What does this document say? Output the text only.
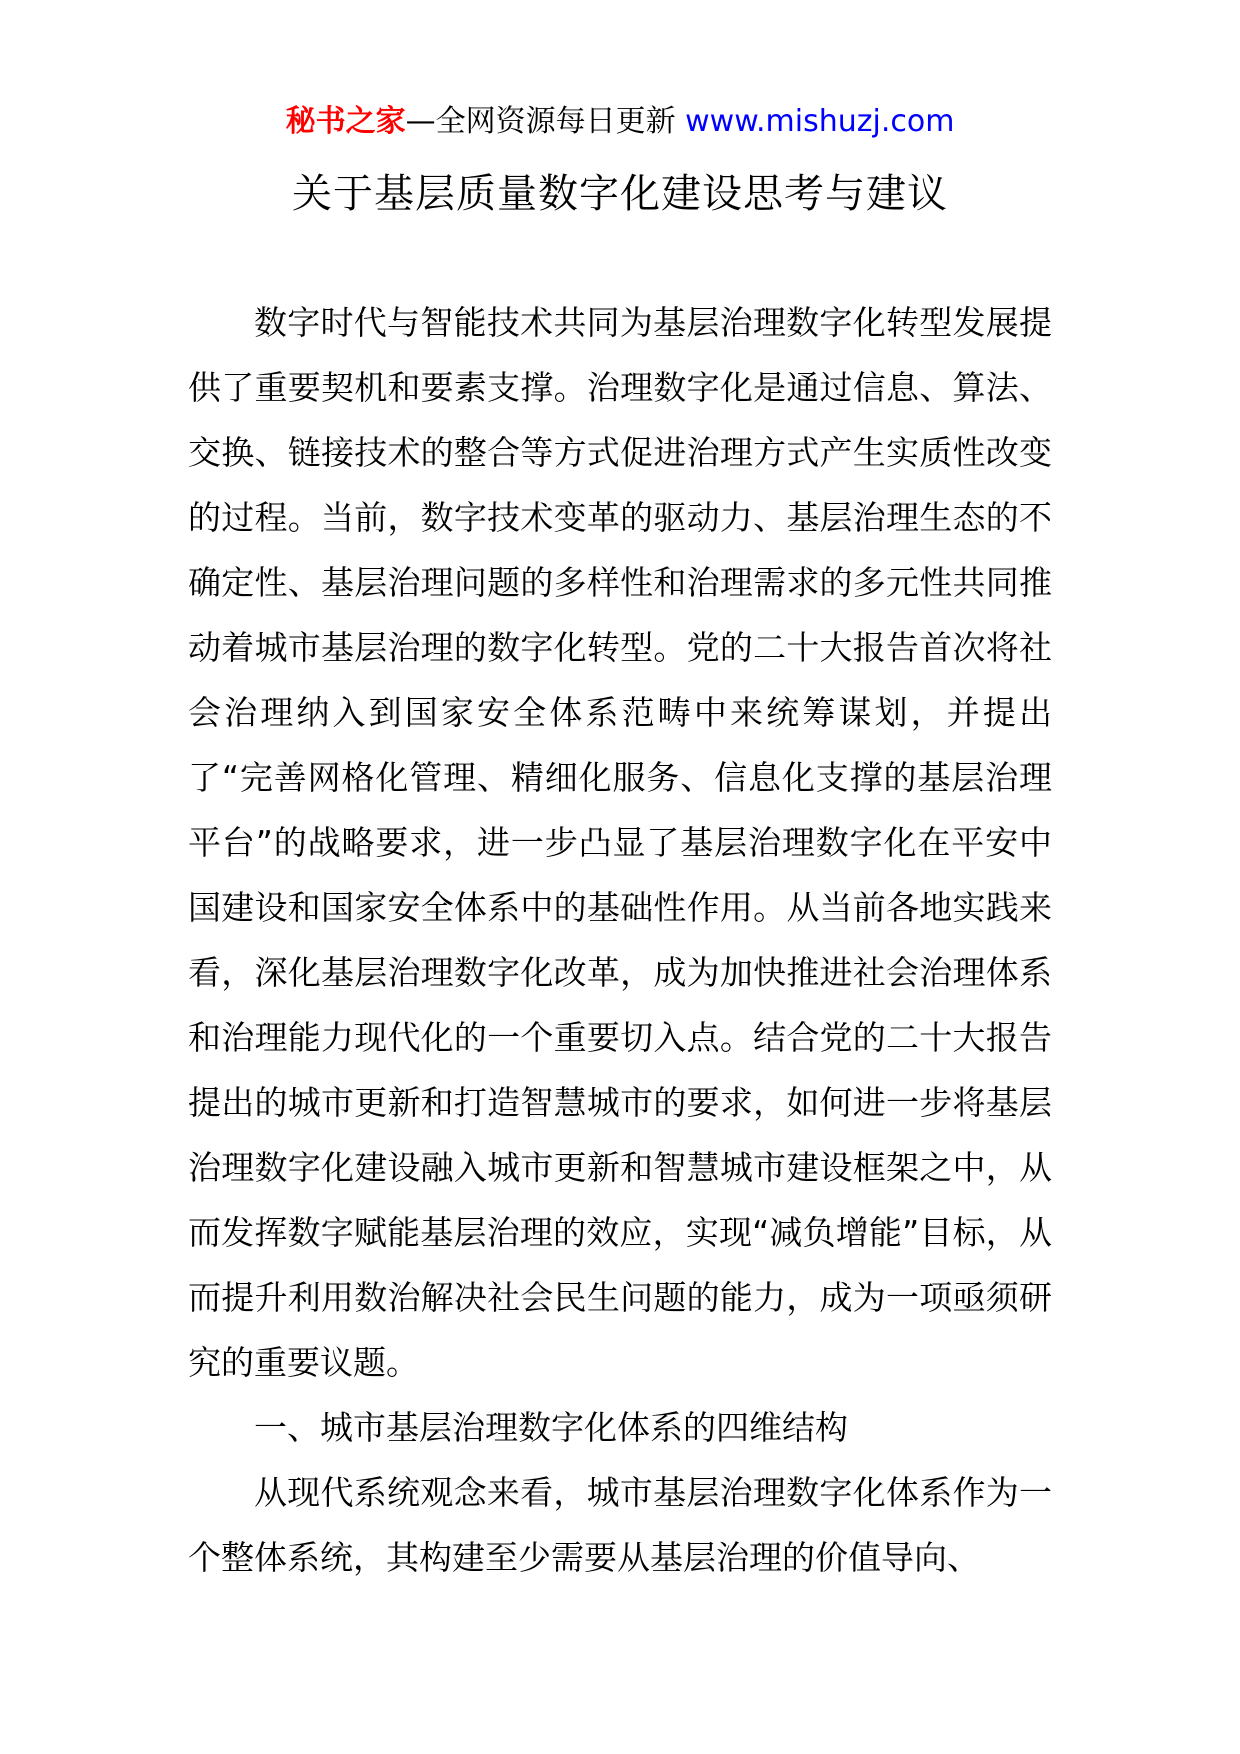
秘书之家—全网资源每日更新 www.mishuzj.com
关于基层质量数字化建设思考与建议

数字时代与智能技术共同为基层治理数字化转型发展提供了重要契机和要素支撑。治理数字化是通过信息、算法、交换、链接技术的整合等方式促进治理方式产生实质性改变的过程。当前，数字技术变革的驱动力、基层治理生态的不确定性、基层治理问题的多样性和治理需求的多元性共同推动着城市基层治理的数字化转型。党的二十大报告首次将社会治理纳入到国家安全体系范畴中来统筹谋划，并提出了“完善网格化管理、精细化服务、信息化支撑的基层治理平台”的战略要求，进一步凸显了基层治理数字化在平安中国建设和国家安全体系中的基础性作用。从当前各地实践来看，深化基层治理数字化改革，成为加快推进社会治理体系和治理能力现代化的一个重要切入点。结合党的二十大报告提出的城市更新和打造智慧城市的要求，如何进一步将基层治理数字化建设融入城市更新和智慧城市建设框架之中，从而发挥数字赋能基层治理的效应，实现“减负增能”目标，从而提升利用数治解决社会民生问题的能力，成为一项亟须研究的重要议题。

一、城市基层治理数字化体系的四维结构

从现代系统观念来看，城市基层治理数字化体系作为一个整体系统，其构建至少需要从基层治理的价值导向、
